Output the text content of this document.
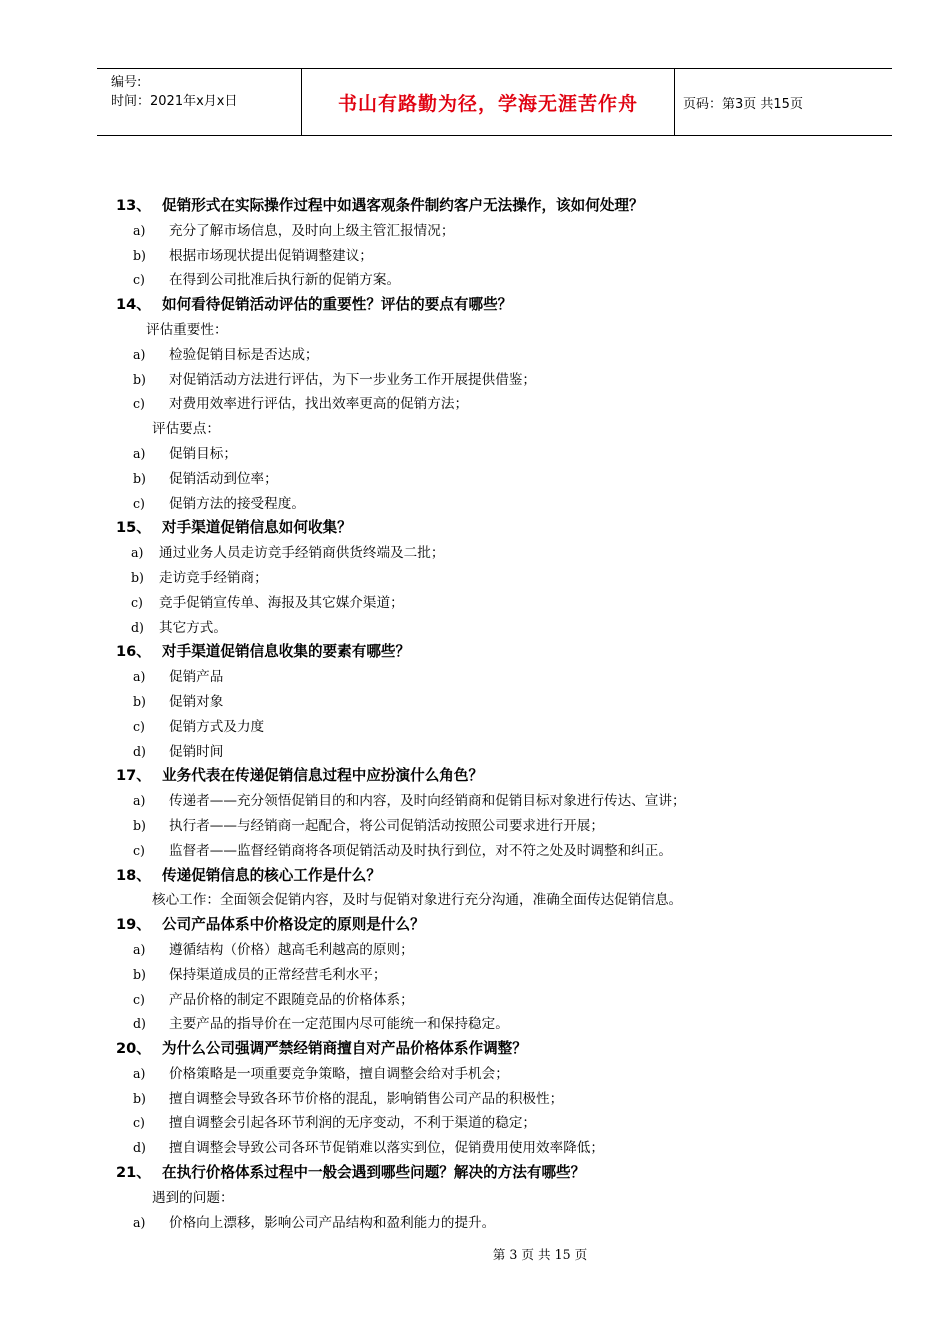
编号:
时间：2021年x月x日	书山有路勤为径，学海无涯苦作舟	页码：第3页 共15页
13、 促销形式在实际操作过程中如遇客观条件制约客户无法操作，该如何处理？
a) 充分了解市场信息，及时向上级主管汇报情况；
b) 根据市场现状提出促销调整建议；
c) 在得到公司批准后执行新的促销方案。
14、 如何看待促销活动评估的重要性？评估的要点有哪些？
评估重要性：
a) 检验促销目标是否达成；
b) 对促销活动方法进行评估，为下一步业务工作开展提供借鉴；
c) 对费用效率进行评估，找出效率更高的促销方法；
评估要点：
a) 促销目标；
b) 促销活动到位率；
c) 促销方法的接受程度。
15、 对手渠道促销信息如何收集？
a) 通过业务人员走访竞手经销商供货终端及二批；
b) 走访竞手经销商；
c) 竞手促销宣传单、海报及其它媒介渠道；
d) 其它方式。
16、 对手渠道促销信息收集的要素有哪些？
a) 促销产品
b) 促销对象
c) 促销方式及力度
d) 促销时间
17、 业务代表在传递促销信息过程中应扮演什么角色？
a) 传递者——充分领悟促销目的和内容，及时向经销商和促销目标对象进行传达、宣讲；
b) 执行者——与经销商一起配合，将公司促销活动按照公司要求进行开展；
c) 监督者——监督经销商将各项促销活动及时执行到位，对不符之处及时调整和纠正。
18、 传递促销信息的核心工作是什么？
核心工作：全面领会促销内容，及时与促销对象进行充分沟通，准确全面传达促销信息。
19、 公司产品体系中价格设定的原则是什么？
a) 遵循结构（价格）越高毛利越高的原则；
b) 保持渠道成员的正常经营毛利水平；
c) 产品价格的制定不跟随竞品的价格体系；
d) 主要产品的指导价在一定范围内尽可能统一和保持稳定。
20、 为什么公司强调严禁经销商擅自对产品价格体系作调整？
a) 价格策略是一项重要竞争策略，擅自调整会给对手机会；
b) 擅自调整会导致各环节价格的混乱，影响销售公司产品的积极性；
c) 擅自调整会引起各环节利润的无序变动，不利于渠道的稳定；
d) 擅自调整会导致公司各环节促销难以落实到位，促销费用使用效率降低；
21、 在执行价格体系过程中一般会遇到哪些问题？解决的方法有哪些？
遇到的问题：
a) 价格向上漂移，影响公司产品结构和盈利能力的提升。
第 3 页 共 15 页
